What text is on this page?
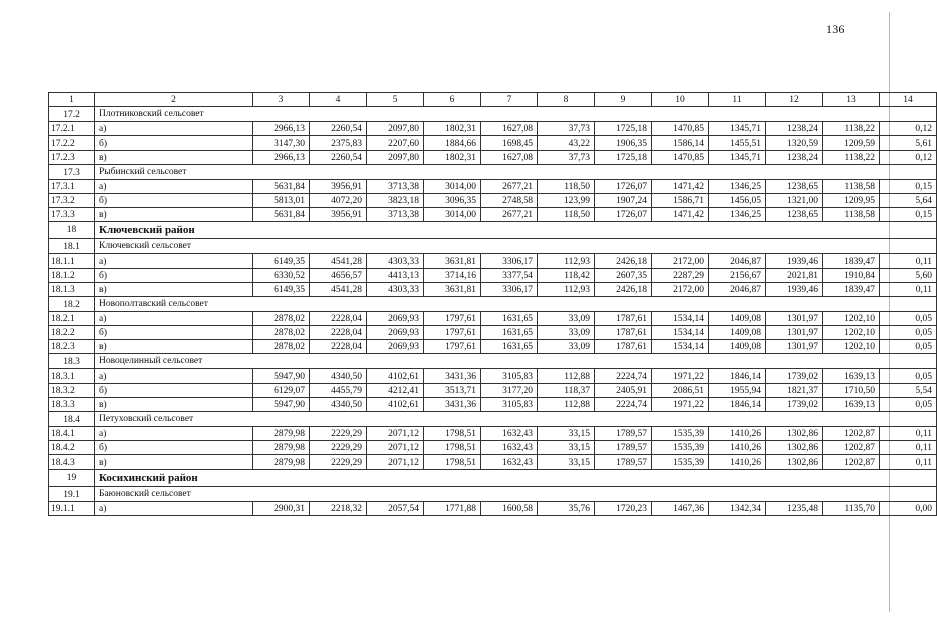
136
1	2	3	4	5	6	7	8	9	10	11	12	13	14
17.2	Плотниковский сельсовет												
17.2.1	а)	2966,13	2260,54	2097,80	1802,31	1627,08	37,73	1725,18	1470,85	1345,71	1238,24	1138,22	0,12
17.2.2	б)	3147,30	2375,83	2207,60	1884,66	1698,45	43,22	1906,35	1586,14	1455,51	1320,59	1209,59	5,61
17.2.3	в)	2966,13	2260,54	2097,80	1802,31	1627,08	37,73	1725,18	1470,85	1345,71	1238,24	1138,22	0,12
17.3	Рыбинский сельсовет												
17.3.1	а)	5631,84	3956,91	3713,38	3014,00	2677,21	118,50	1726,07	1471,42	1346,25	1238,65	1138,58	0,15
17.3.2	б)	5813,01	4072,20	3823,18	3096,35	2748,58	123,99	1907,24	1586,71	1456,05	1321,00	1209,95	5,64
17.3.3	в)	5631,84	3956,91	3713,38	3014,00	2677,21	118,50	1726,07	1471,42	1346,25	1238,65	1138,58	0,15
18	Ключевский район												
18.1	Ключевский сельсовет												
18.1.1	а)	6149,35	4541,28	4303,33	3631,81	3306,17	112,93	2426,18	2172,00	2046,87	1939,46	1839,47	0,11
18.1.2	б)	6330,52	4656,57	4413,13	3714,16	3377,54	118,42	2607,35	2287,29	2156,67	2021,81	1910,84	5,60
18.1.3	в)	6149,35	4541,28	4303,33	3631,81	3306,17	112,93	2426,18	2172,00	2046,87	1939,46	1839,47	0,11
18.2	Новополтавский сельсовет												
18.2.1	а)	2878,02	2228,04	2069,93	1797,61	1631,65	33,09	1787,61	1534,14	1409,08	1301,97	1202,10	0,05
18.2.2	б)	2878,02	2228,04	2069,93	1797,61	1631,65	33,09	1787,61	1534,14	1409,08	1301,97	1202,10	0,05
18.2.3	в)	2878,02	2228,04	2069,93	1797,61	1631,65	33,09	1787,61	1534,14	1409,08	1301,97	1202,10	0,05
18.3	Новоцелинный сельсовет												
18.3.1	а)	5947,90	4340,50	4102,61	3431,36	3105,83	112,88	2224,74	1971,22	1846,14	1739,02	1639,13	0,05
18.3.2	б)	6129,07	4455,79	4212,41	3513,71	3177,20	118,37	2405,91	2086,51	1955,94	1821,37	1710,50	5,54
18.3.3	в)	5947,90	4340,50	4102,61	3431,36	3105,83	112,88	2224,74	1971,22	1846,14	1739,02	1639,13	0,05
18.4	Петуховский сельсовет												
18.4.1	а)	2879,98	2229,29	2071,12	1798,51	1632,43	33,15	1789,57	1535,39	1410,26	1302,86	1202,87	0,11
18.4.2	б)	2879,98	2229,29	2071,12	1798,51	1632,43	33,15	1789,57	1535,39	1410,26	1302,86	1202,87	0,11
18.4.3	в)	2879,98	2229,29	2071,12	1798,51	1632,43	33,15	1789,57	1535,39	1410,26	1302,86	1202,87	0,11
19	Косихинский район												
19.1	Баюновский сельсовет												
19.1.1	а)	2900,31	2218,32	2057,54	1771,88	1600,58	35,76	1720,23	1467,36	1342,34	1235,48	1135,70	0,00
